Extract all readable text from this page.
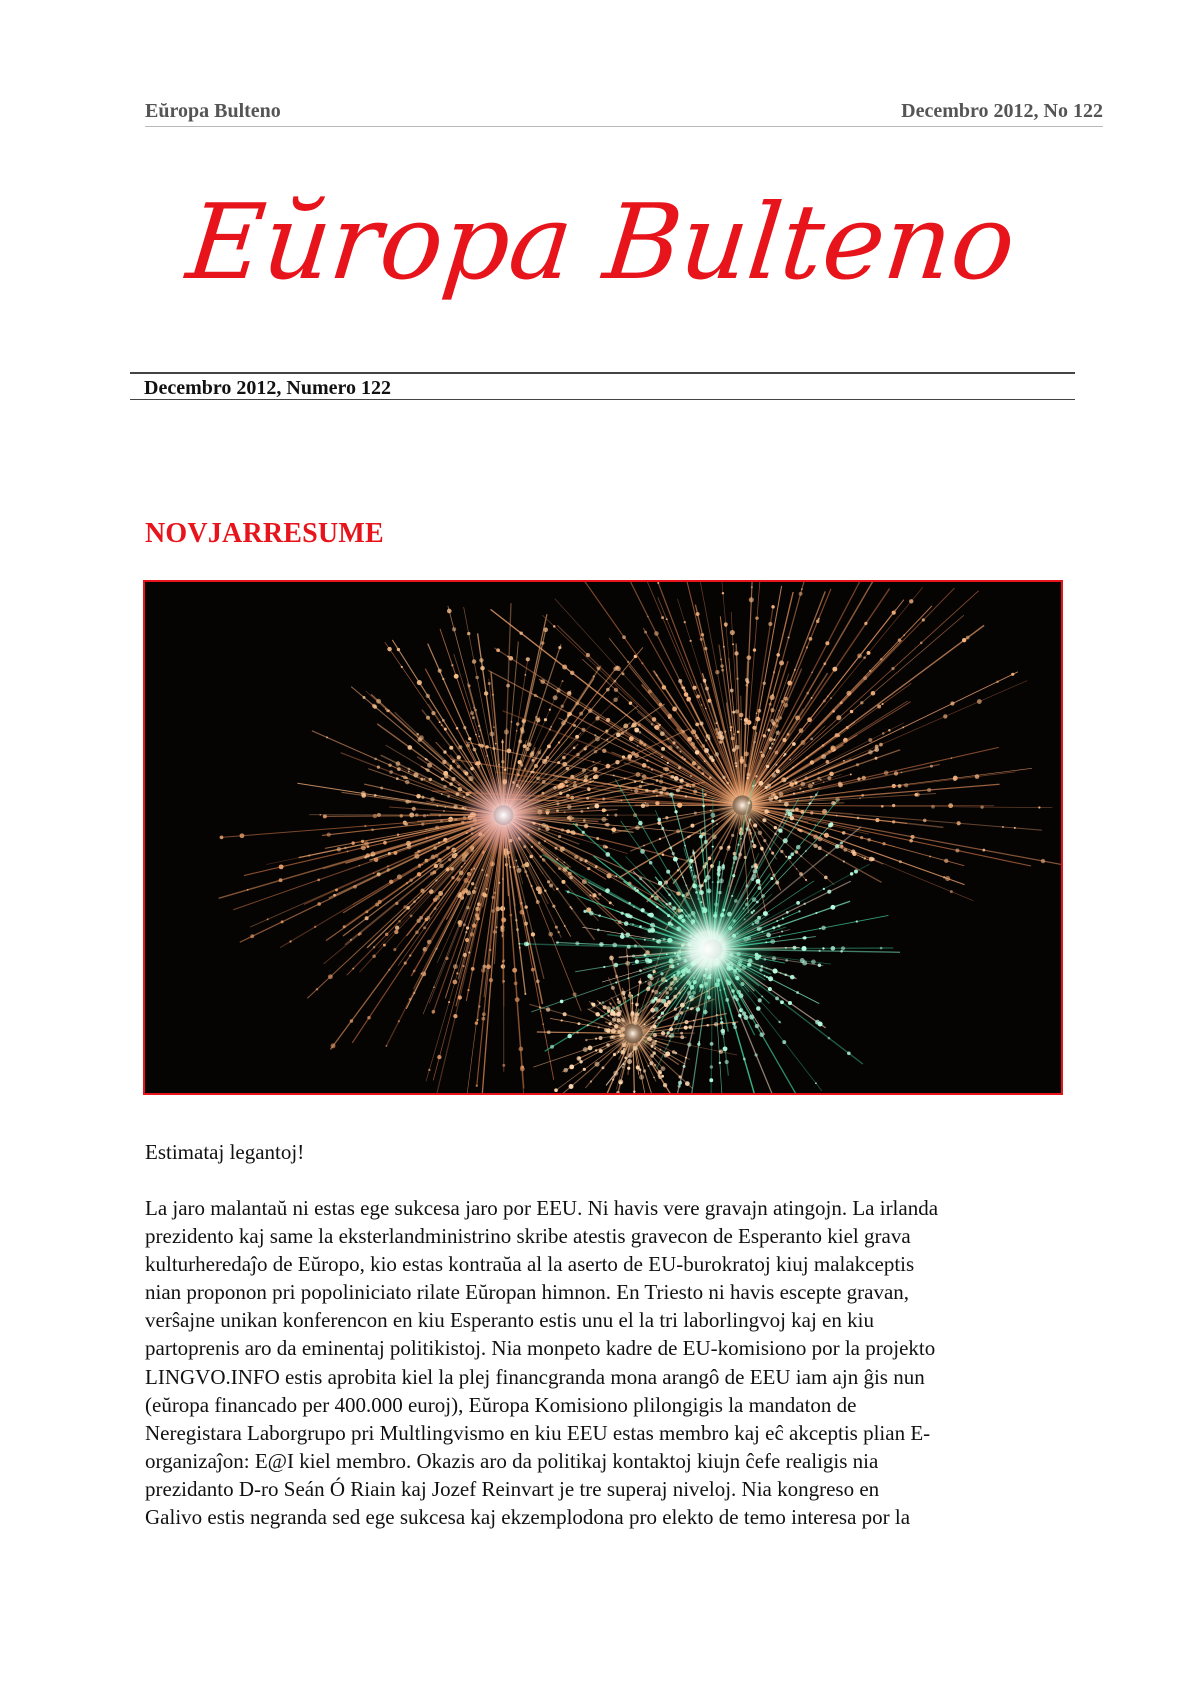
Eŭropa Bulteno	Decembro 2012, No 122
Eŭropa Bulteno
Decembro 2012, Numero 122
NOVJARRESUME
Estimataj legantoj!

La jaro malantaŭ ni estas ege sukcesa jaro por EEU. Ni havis vere gravajn atingojn. La irlanda
prezidento kaj same la eksterlandministrino skribe atestis gravecon de Esperanto kiel grava
kulturheredaĵo de Eŭropo, kio estas kontraŭa al la aserto de EU-burokratoj kiuj malakceptis
nian proponon pri popoliniciato rilate Eŭropan himnon. En Triesto ni havis escepte gravan,
verŝajne unikan konferencon en kiu Esperanto estis unu el la tri laborlingvoj kaj en kiu
partoprenis aro da eminentaj politikistoj. Nia monpeto kadre de EU-komisiono por la projekto
LINGVO.INFO estis aprobita kiel la plej financgranda mona arangô de EEU iam ajn ĝis nun
(eŭropa financado per 400.000 euroj), Eŭropa Komisiono plilongigis la mandaton de
Neregistara Laborgrupo pri Multlingvismo en kiu EEU estas membro kaj eĉ akceptis plian E-
organizaĵon: E@I kiel membro. Okazis aro da politikaj kontaktoj kiujn ĉefe realigis nia
prezidanto D-ro Seán Ó Riain kaj Jozef Reinvart je tre superaj niveloj. Nia kongreso en
Galivo estis negranda sed ege sukcesa kaj ekzemplodona pro elekto de temo interesa por la
